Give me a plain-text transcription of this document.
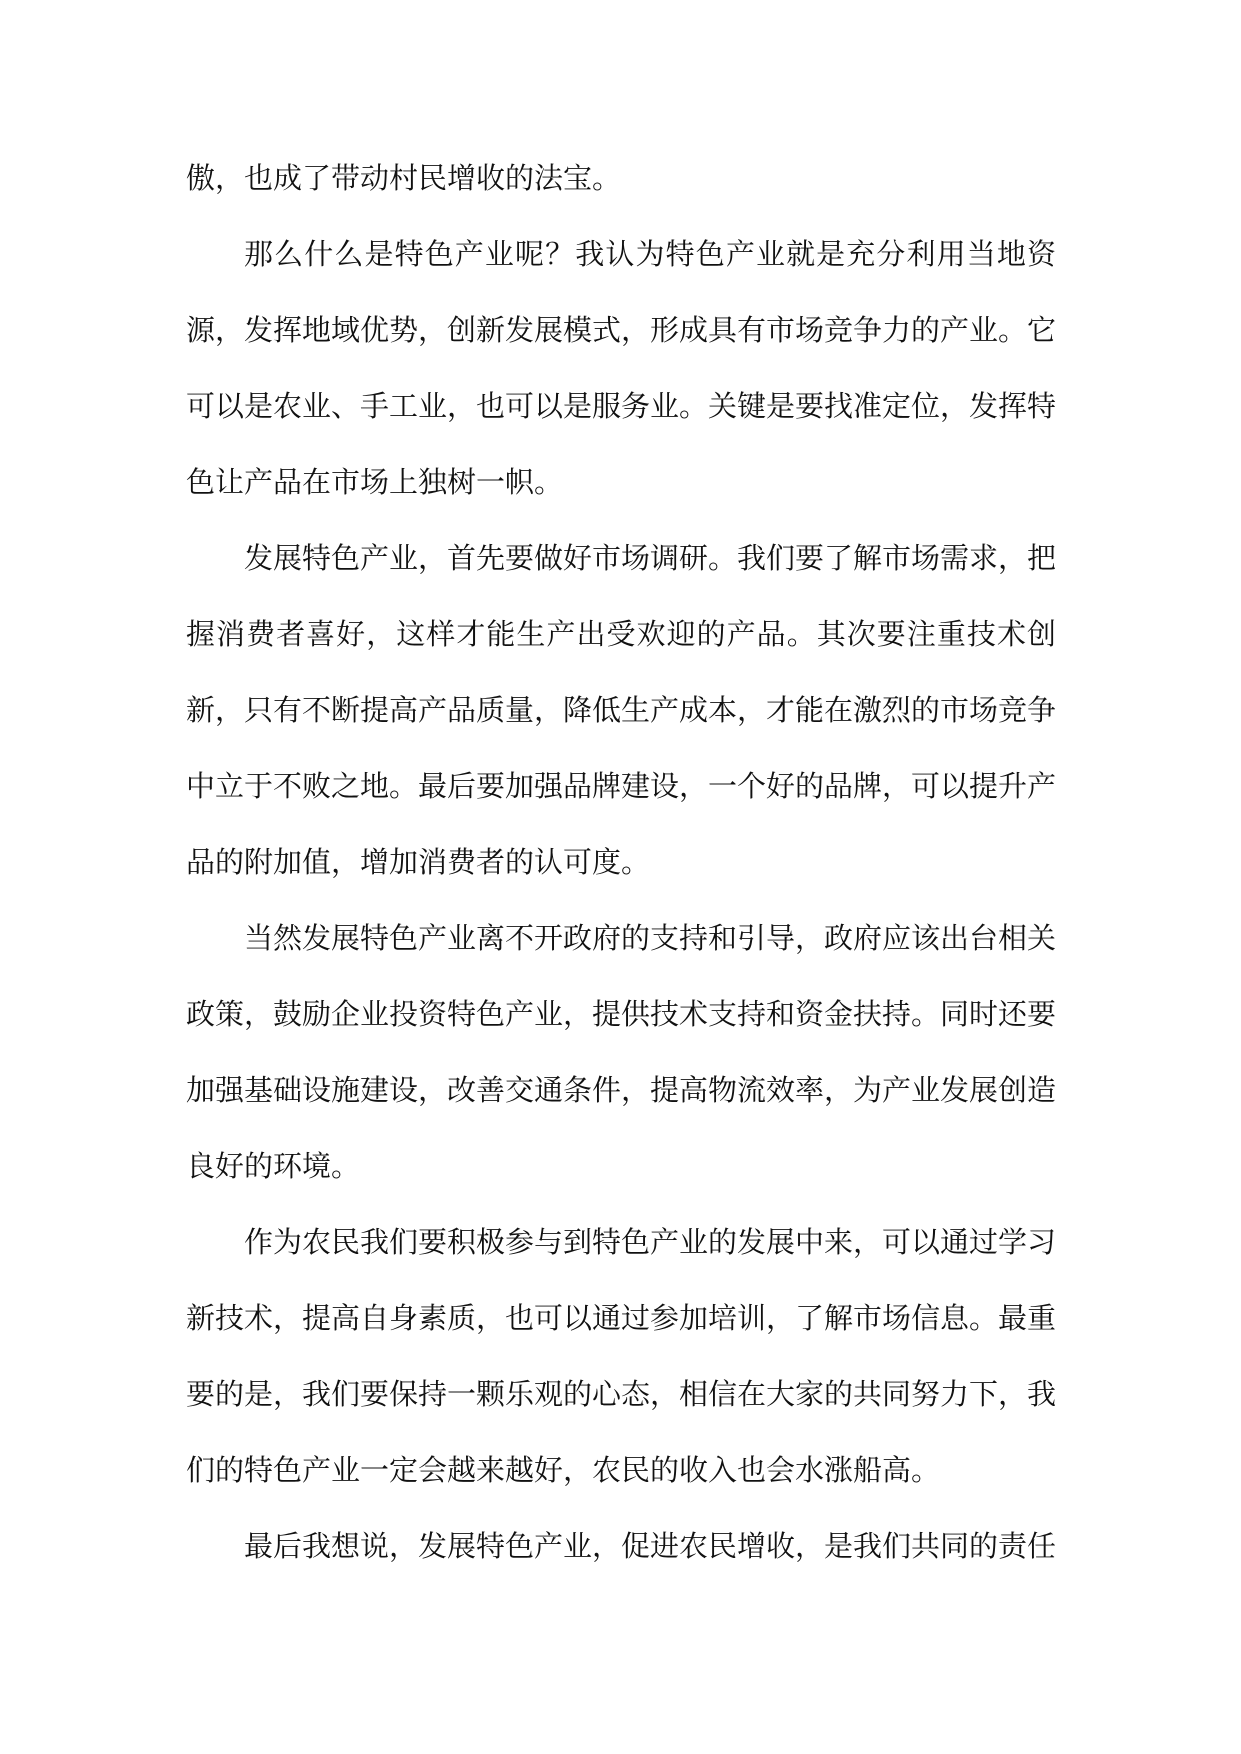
傲，也成了带动村民增收的法宝。

那么什么是特色产业呢？我认为特色产业就是充分利用当地资源，发挥地域优势，创新发展模式，形成具有市场竞争力的产业。它可以是农业、手工业，也可以是服务业。关键是要找准定位，发挥特色让产品在市场上独树一帜。

发展特色产业，首先要做好市场调研。我们要了解市场需求，把握消费者喜好，这样才能生产出受欢迎的产品。其次要注重技术创新，只有不断提高产品质量，降低生产成本，才能在激烈的市场竞争中立于不败之地。最后要加强品牌建设，一个好的品牌，可以提升产品的附加值，增加消费者的认可度。

当然发展特色产业离不开政府的支持和引导，政府应该出台相关政策，鼓励企业投资特色产业，提供技术支持和资金扶持。同时还要加强基础设施建设，改善交通条件，提高物流效率，为产业发展创造良好的环境。

作为农民我们要积极参与到特色产业的发展中来，可以通过学习新技术，提高自身素质，也可以通过参加培训，了解市场信息。最重要的是，我们要保持一颗乐观的心态，相信在大家的共同努力下，我们的特色产业一定会越来越好，农民的收入也会水涨船高。

最后我想说，发展特色产业，促进农民增收，是我们共同的责任
